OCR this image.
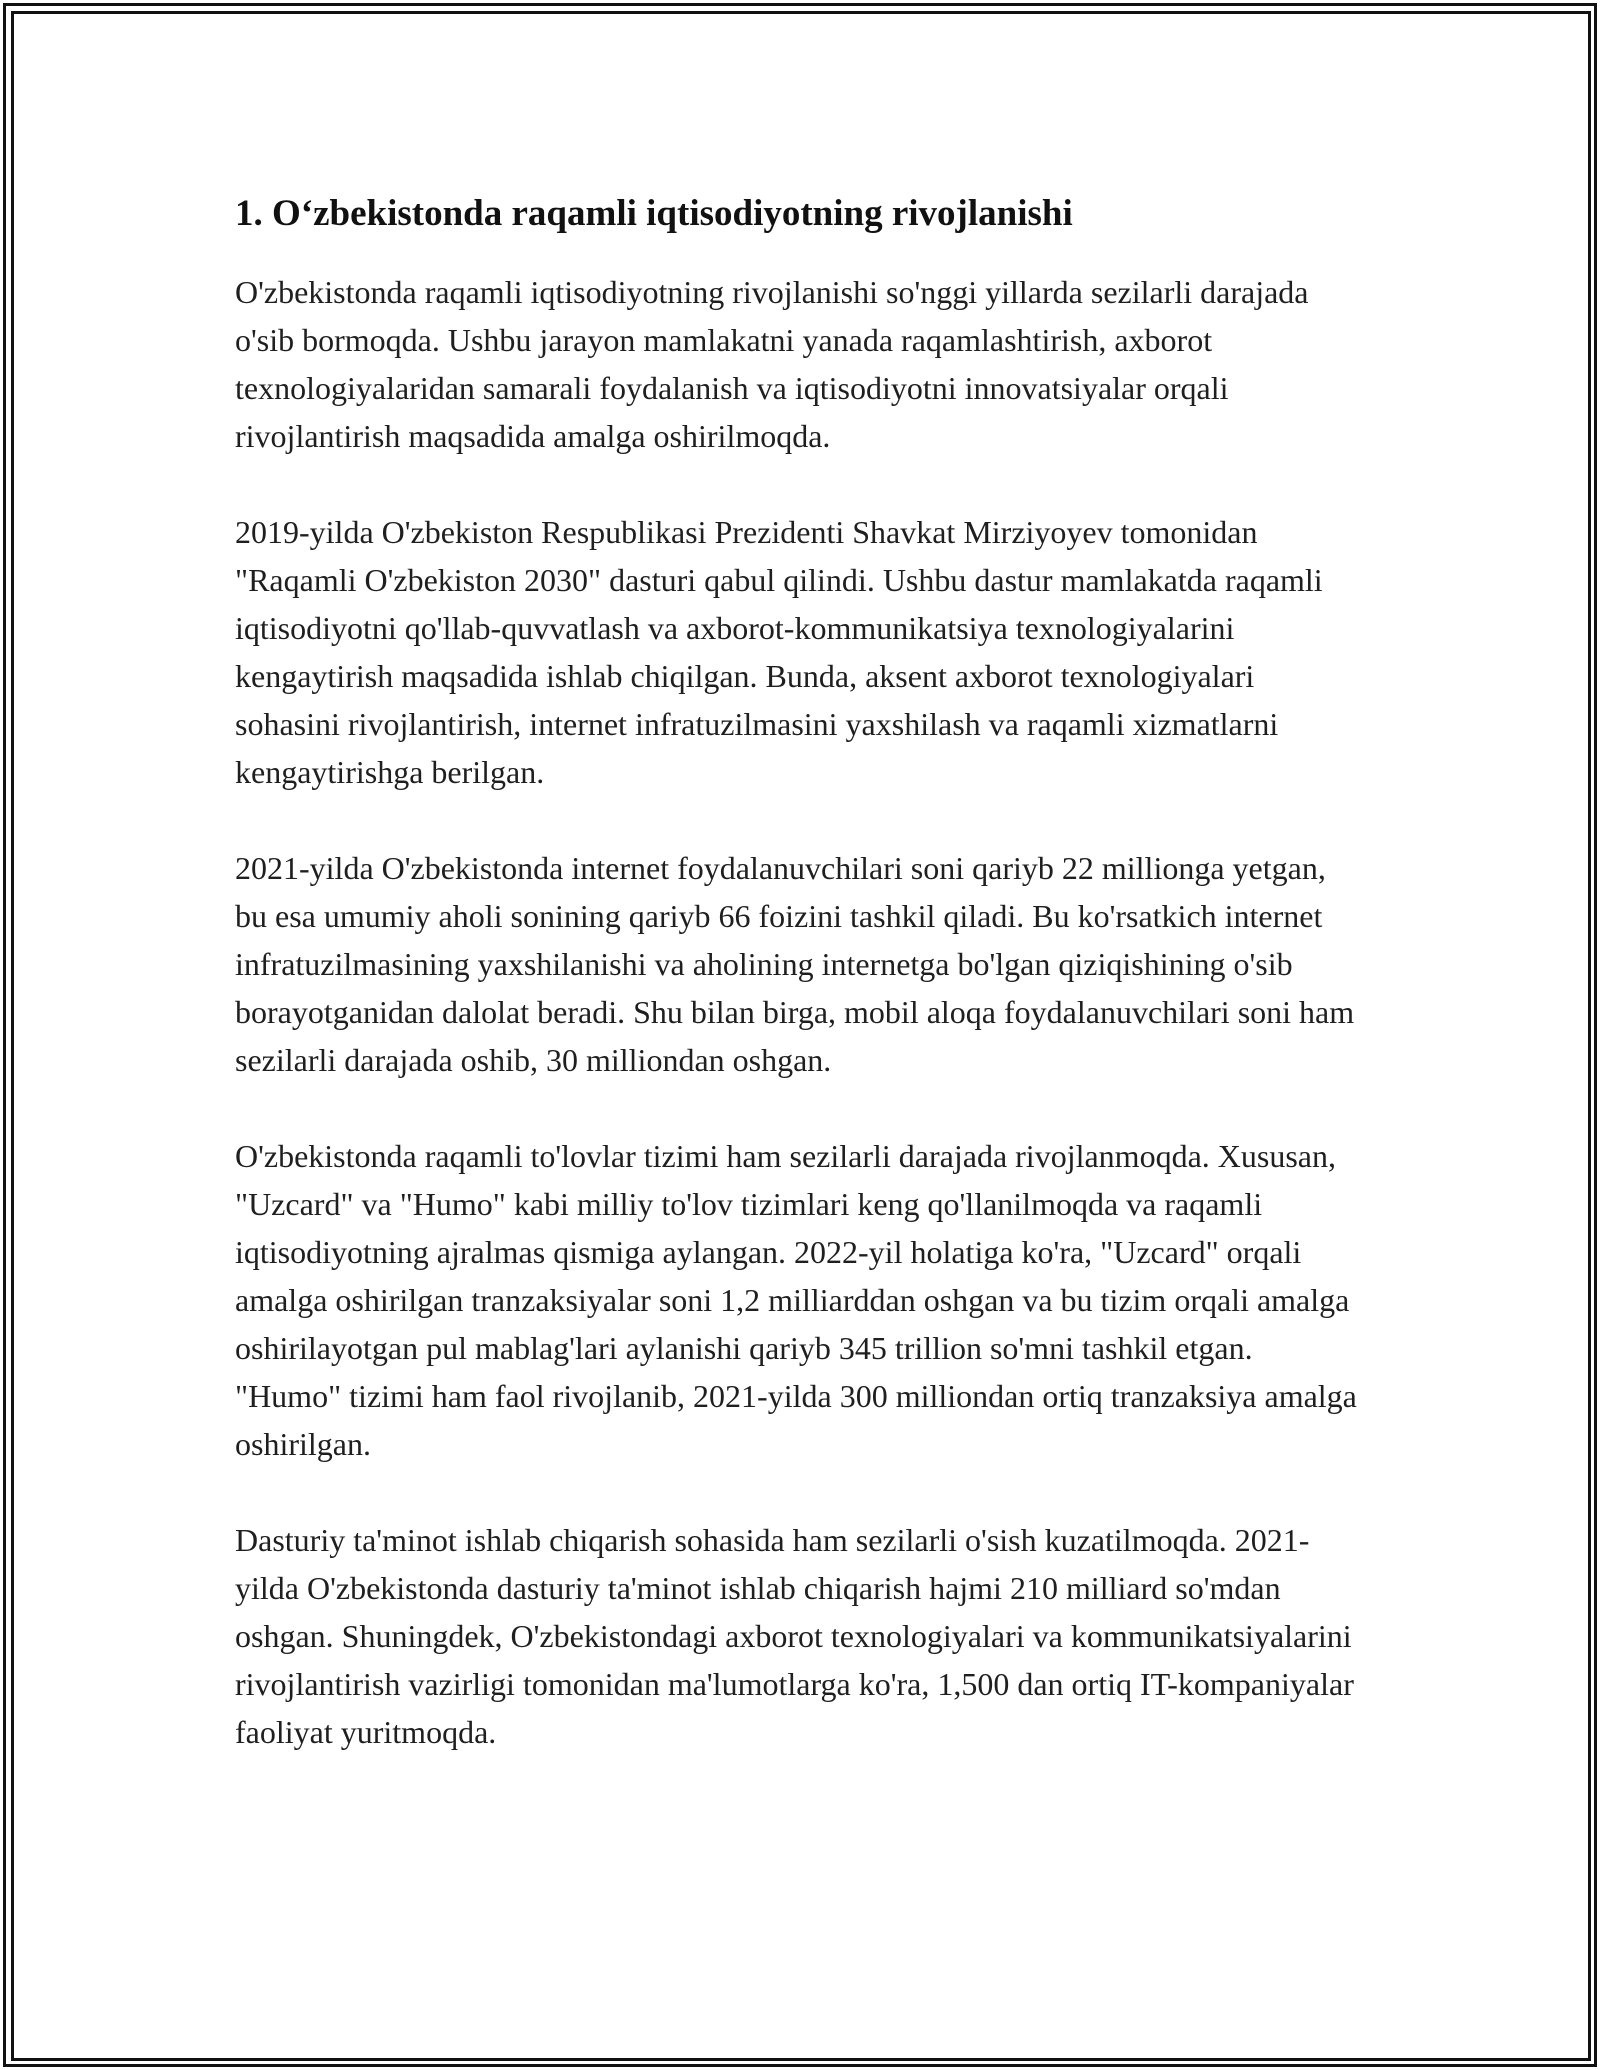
1. Oʻzbekistonda raqamli iqtisodiyotning rivojlanishi

O'zbekistonda raqamli iqtisodiyotning rivojlanishi so'nggi yillarda sezilarli darajada o'sib bormoqda. Ushbu jarayon mamlakatni yanada raqamlashtirish, axborot texnologiyalaridan samarali foydalanish va iqtisodiyotni innovatsiyalar orqali rivojlantirish maqsadida amalga oshirilmoqda.

2019-yilda O'zbekiston Respublikasi Prezidenti Shavkat Mirziyoyev tomonidan "Raqamli O'zbekiston 2030" dasturi qabul qilindi. Ushbu dastur mamlakatda raqamli iqtisodiyotni qo'llab-quvvatlash va axborot-kommunikatsiya texnologiyalarini kengaytirish maqsadida ishlab chiqilgan. Bunda, aksent axborot texnologiyalari sohasini rivojlantirish, internet infratuzilmasini yaxshilash va raqamli xizmatlarni kengaytirishga berilgan.

2021-yilda O'zbekistonda internet foydalanuvchilari soni qariyb 22 millionga yetgan, bu esa umumiy aholi sonining qariyb 66 foizini tashkil qiladi. Bu ko'rsatkich internet infratuzilmasining yaxshilanishi va aholining internetga bo'lgan qiziqishining o'sib borayotganidan dalolat beradi. Shu bilan birga, mobil aloqa foydalanuvchilari soni ham sezilarli darajada oshib, 30 milliondan oshgan.

O'zbekistonda raqamli to'lovlar tizimi ham sezilarli darajada rivojlanmoqda. Xususan, "Uzcard" va "Humo" kabi milliy to'lov tizimlari keng qo'llanilmoqda va raqamli iqtisodiyotning ajralmas qismiga aylangan. 2022-yil holatiga ko'ra, "Uzcard" orqali amalga oshirilgan tranzaksiyalar soni 1,2 milliarddan oshgan va bu tizim orqali amalga oshirilayotgan pul mablag'lari aylanishi qariyb 345 trillion so'mni tashkil etgan. "Humo" tizimi ham faol rivojlanib, 2021-yilda 300 milliondan ortiq tranzaksiya amalga oshirilgan.

Dasturiy ta'minot ishlab chiqarish sohasida ham sezilarli o'sish kuzatilmoqda. 2021-yilda O'zbekistonda dasturiy ta'minot ishlab chiqarish hajmi 210 milliard so'mdan oshgan. Shuningdek, O'zbekistondagi axborot texnologiyalari va kommunikatsiyalarini rivojlantirish vazirligi tomonidan ma'lumotlarga ko'ra, 1,500 dan ortiq IT-kompaniyalar faoliyat yuritmoqda.
